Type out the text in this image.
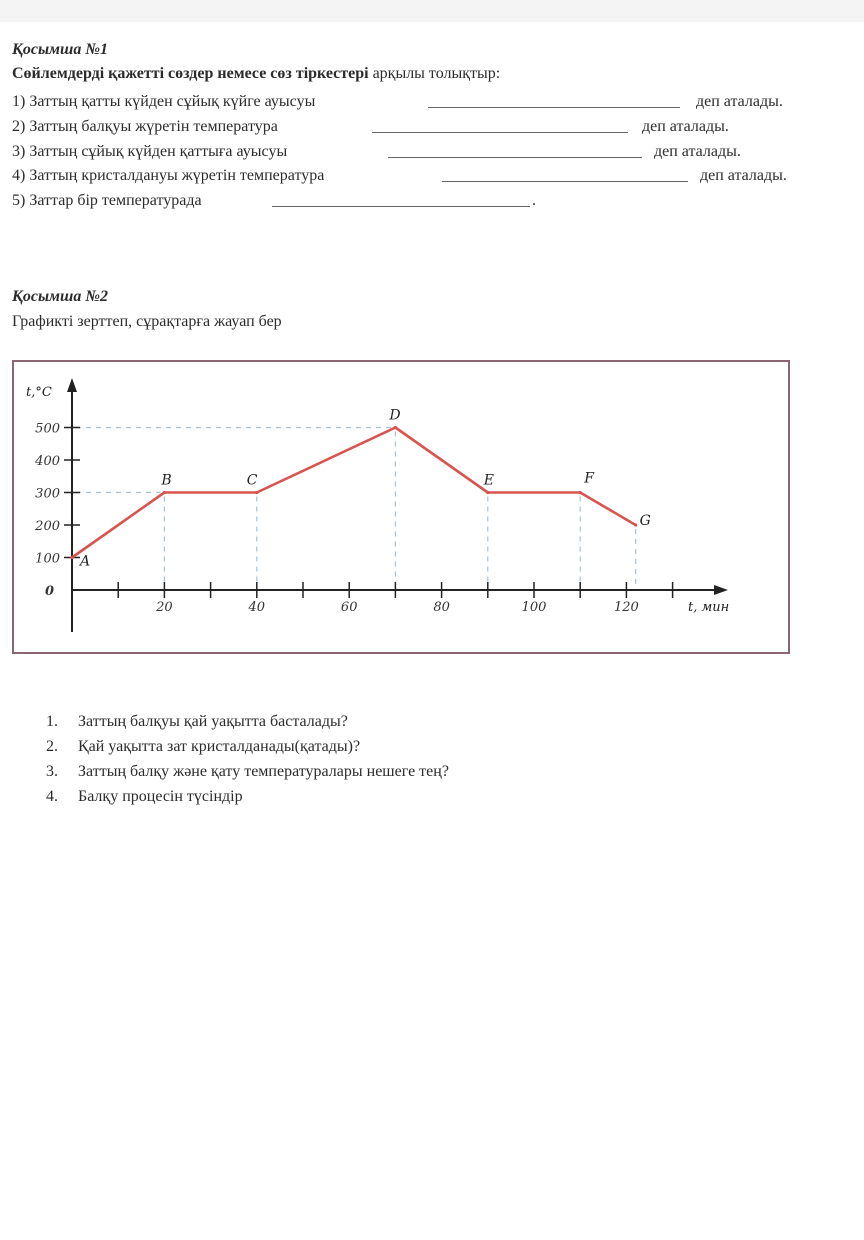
Қосымша №1
Сөйлемдерді қажетті сөздер немесе сөз тіркестері арқылы толықтыр:
1) Заттың қатты күйден сұйық күйге ауысуы	деп аталады.
2) Заттың балқуы жүретін температура	деп аталады.
3) Заттың сұйық күйден қаттыға ауысуы	деп аталады.
4) Заттың кристалдануы жүретін температура	деп аталады.
5) Заттар бір температурада	.
Қосымша №2
Графикті зерттеп, сұрақтарға жауап бер
100
200
300
400
500
20	40	60	80	100	120
t,°C
t, мин
0
A
B	C
D
E	F
G
1. Заттың балқуы қай уақытта басталады?
2. Қай уақытта зат кристалданады(қатады)?
3. Заттың балқу және қату температуралары нешеге тең?
4. Балқу процесін түсіндір
